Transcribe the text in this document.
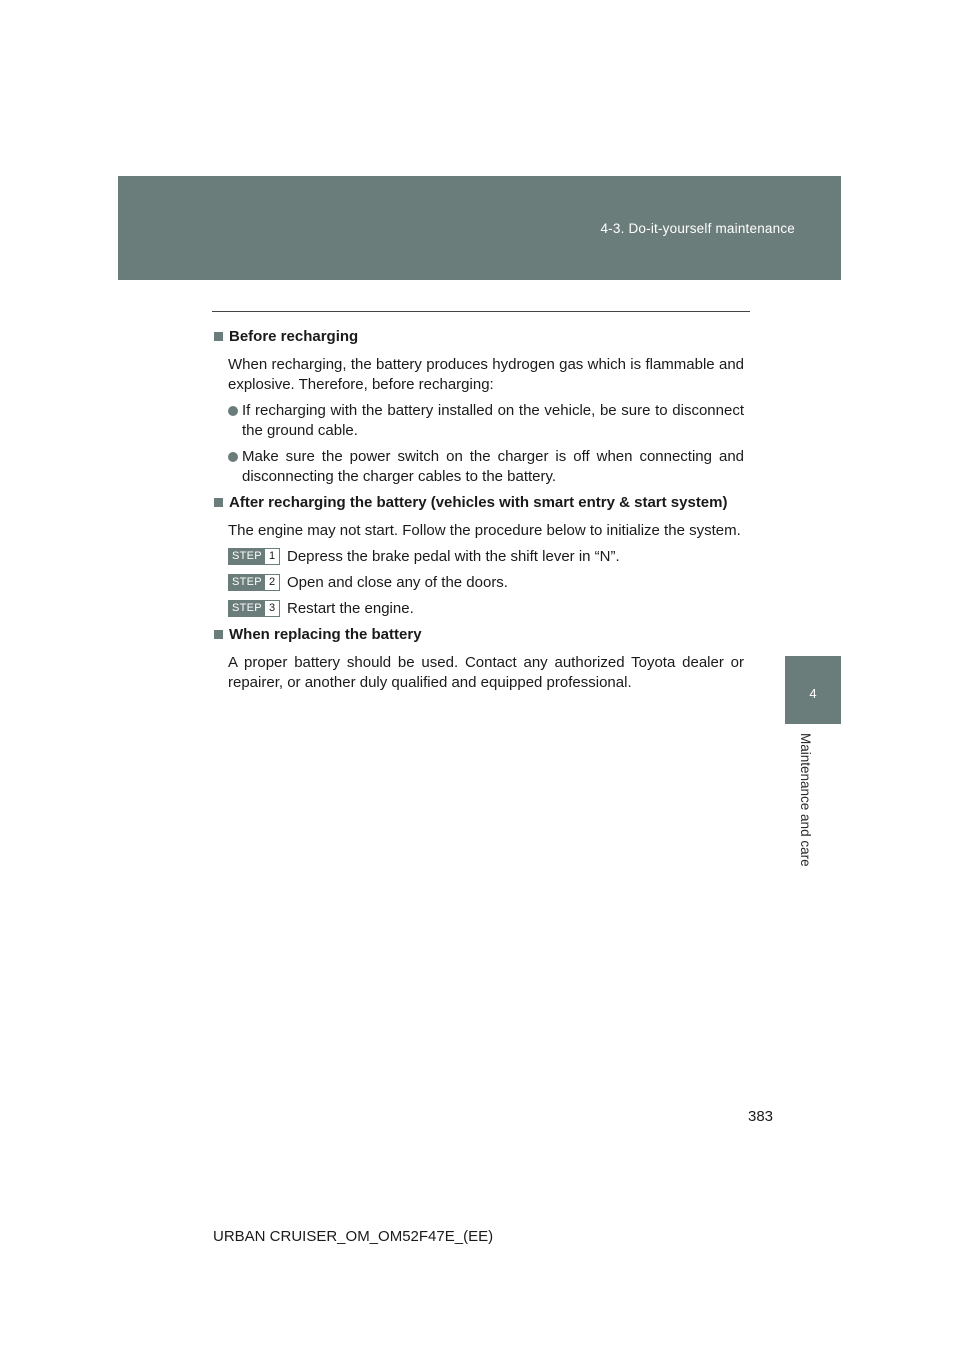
4-3. Do-it-yourself maintenance
4
Maintenance and care
Before recharging

When recharging, the battery produces hydrogen gas which is flammable and explosive. Therefore, before recharging:

If recharging with the battery installed on the vehicle, be sure to disconnect the ground cable.
Make sure the power switch on the charger is off when connecting and disconnecting the charger cables to the battery.
After recharging the battery (vehicles with smart entry & start system)

The engine may not start. Follow the procedure below to initialize the system.

STEP 1 Depress the brake pedal with the shift lever in “N”.
STEP 2 Open and close any of the doors.
STEP 3 Restart the engine.
When replacing the battery

A proper battery should be used. Contact any authorized Toyota dealer or repairer, or another duly qualified and equipped professional.

383
URBAN CRUISER_OM_OM52F47E_(EE)
